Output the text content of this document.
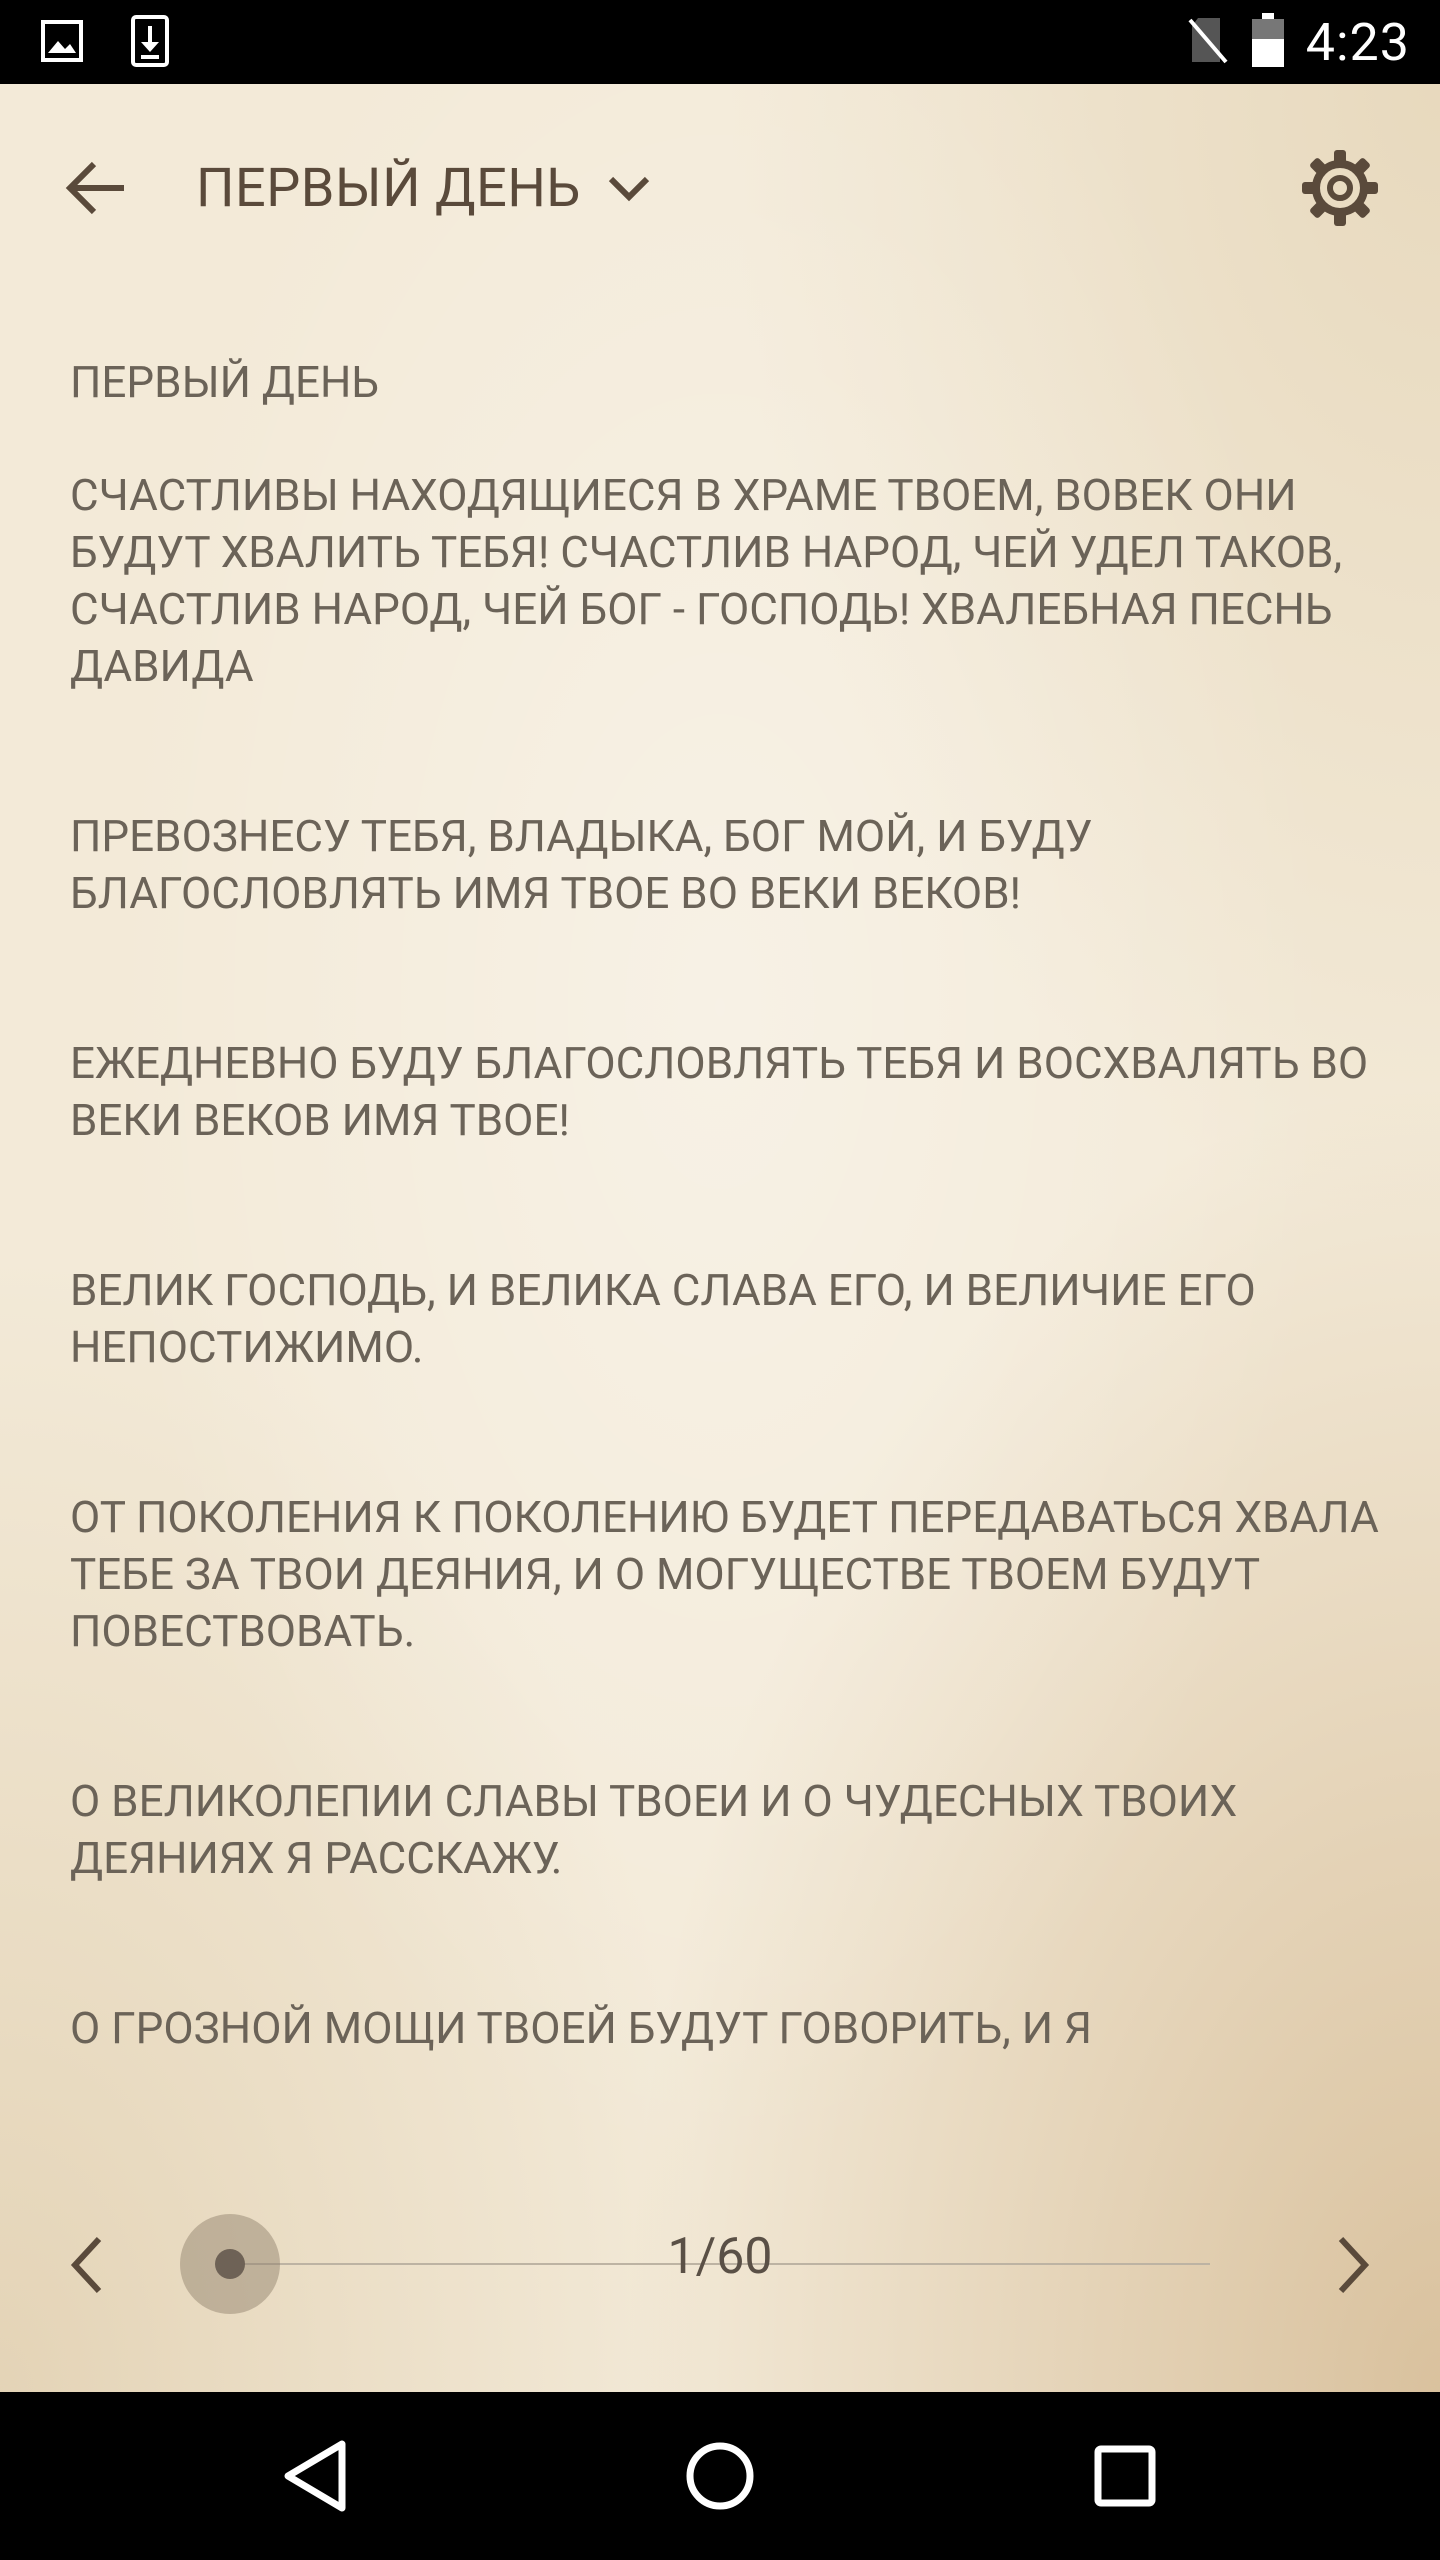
4:23
ПЕРВЫЙ ДЕНЬ

ПЕРВЫЙ ДЕНЬ

СЧАСТЛИВЫ НАХОДЯЩИЕСЯ В ХРАМЕ ТВОЕМ, ВОВЕК ОНИ БУДУТ ХВАЛИТЬ ТЕБЯ! СЧАСТЛИВ НАРОД, ЧЕЙ УДЕЛ ТАКОВ, СЧАСТЛИВ НАРОД, ЧЕЙ БОГ - ГОСПОДЬ! ХВАЛЕБНАЯ ПЕСНЬ ДАВИДА

ПРЕВОЗНЕСУ ТЕБЯ, ВЛАДЫКА, БОГ МОЙ, И БУДУ БЛАГОСЛОВЛЯТЬ ИМЯ ТВОЕ ВО ВЕКИ ВЕКОВ!

ЕЖЕДНЕВНО БУДУ БЛАГОСЛОВЛЯТЬ ТЕБЯ И ВОСХВАЛЯТЬ ВО ВЕКИ ВЕКОВ ИМЯ ТВОЕ!

ВЕЛИК ГОСПОДЬ, И ВЕЛИКА СЛАВА ЕГО, И ВЕЛИЧИЕ ЕГО НЕПОСТИЖИМО.

ОТ ПОКОЛЕНИЯ К ПОКОЛЕНИЮ БУДЕТ ПЕРЕДАВАТЬСЯ ХВАЛА ТЕБЕ ЗА ТВОИ ДЕЯНИЯ, И О МОГУЩЕСТВЕ ТВОЕМ БУДУТ ПОВЕСТВОВАТЬ.

О ВЕЛИКОЛЕПИИ СЛАВЫ ТВОЕИ И О ЧУДЕСНЫХ ТВОИХ ДЕЯНИЯХ Я РАССКАЖУ.

О ГРОЗНОЙ МОЩИ ТВОЕЙ БУДУТ ГОВОРИТЬ, И Я

1/60
